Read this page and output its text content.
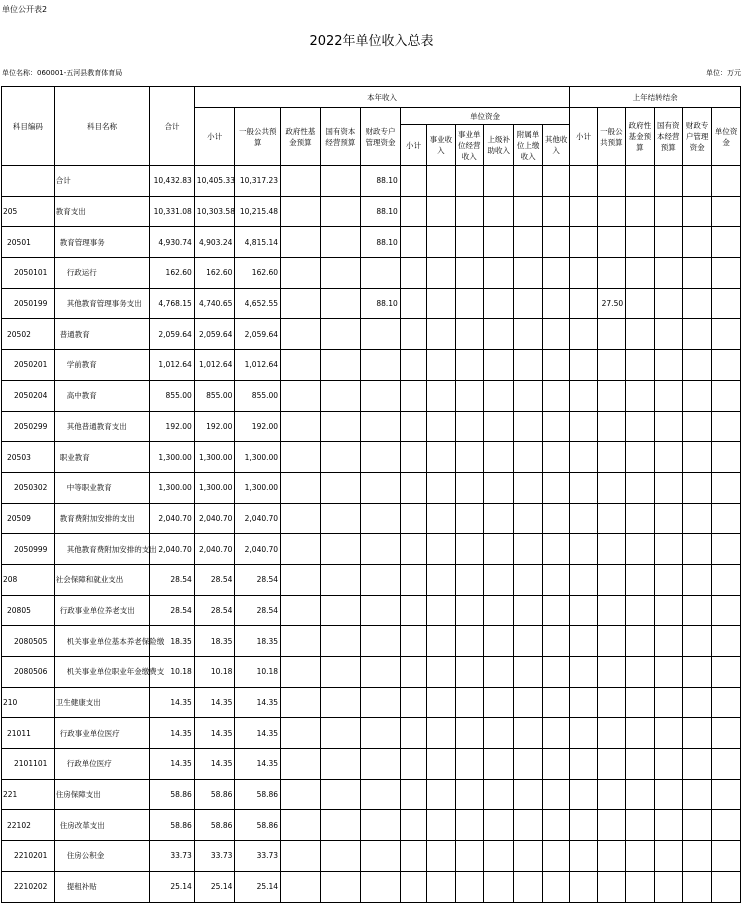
单位公开表2
2022年单位收入总表
单位名称：060001-五河县教育体育局	单位：万元
科目编码	科目名称	合计	本年收入											上年结转结余					
			小计	一般公共预算	政府性基金预算	国有资本经营预算	财政专户管理资金	单位资金						小计	一般公共预算	政府性基金预算	国有资本经营预算	财政专户管理资金	单位资金
								小计	事业收入	事业单位经营收入	上级补助收入	附属单位上缴收入	其他收入						
	合计	10,432.83	10,405.33	10,317.23			88.10												
205	教育支出	10,331.08	10,303.58	10,215.48			88.10												
20501	教育管理事务	4,930.74	4,903.24	4,815.14			88.10												
2050101	行政运行	162.60	162.60	162.60															
2050199	其他教育管理事务支出	4,768.15	4,740.65	4,652.55			88.10								27.50				
20502	普通教育	2,059.64	2,059.64	2,059.64															
2050201	学前教育	1,012.64	1,012.64	1,012.64															
2050204	高中教育	855.00	855.00	855.00															
2050299	其他普通教育支出	192.00	192.00	192.00															
20503	职业教育	1,300.00	1,300.00	1,300.00															
2050302	中等职业教育	1,300.00	1,300.00	1,300.00															
20509	教育费附加安排的支出	2,040.70	2,040.70	2,040.70															
2050999	其他教育费附加安排的支出	2,040.70	2,040.70	2,040.70															
208	社会保障和就业支出	28.54	28.54	28.54															
20805	行政事业单位养老支出	28.54	28.54	28.54															
2080505	机关事业单位基本养老保险缴	18.35	18.35	18.35															
2080506	机关事业单位职业年金缴费支	10.18	10.18	10.18															
210	卫生健康支出	14.35	14.35	14.35															
21011	行政事业单位医疗	14.35	14.35	14.35															
2101101	行政单位医疗	14.35	14.35	14.35															
221	住房保障支出	58.86	58.86	58.86															
22102	住房改革支出	58.86	58.86	58.86															
2210201	住房公积金	33.73	33.73	33.73															
2210202	提租补贴	25.14	25.14	25.14															
